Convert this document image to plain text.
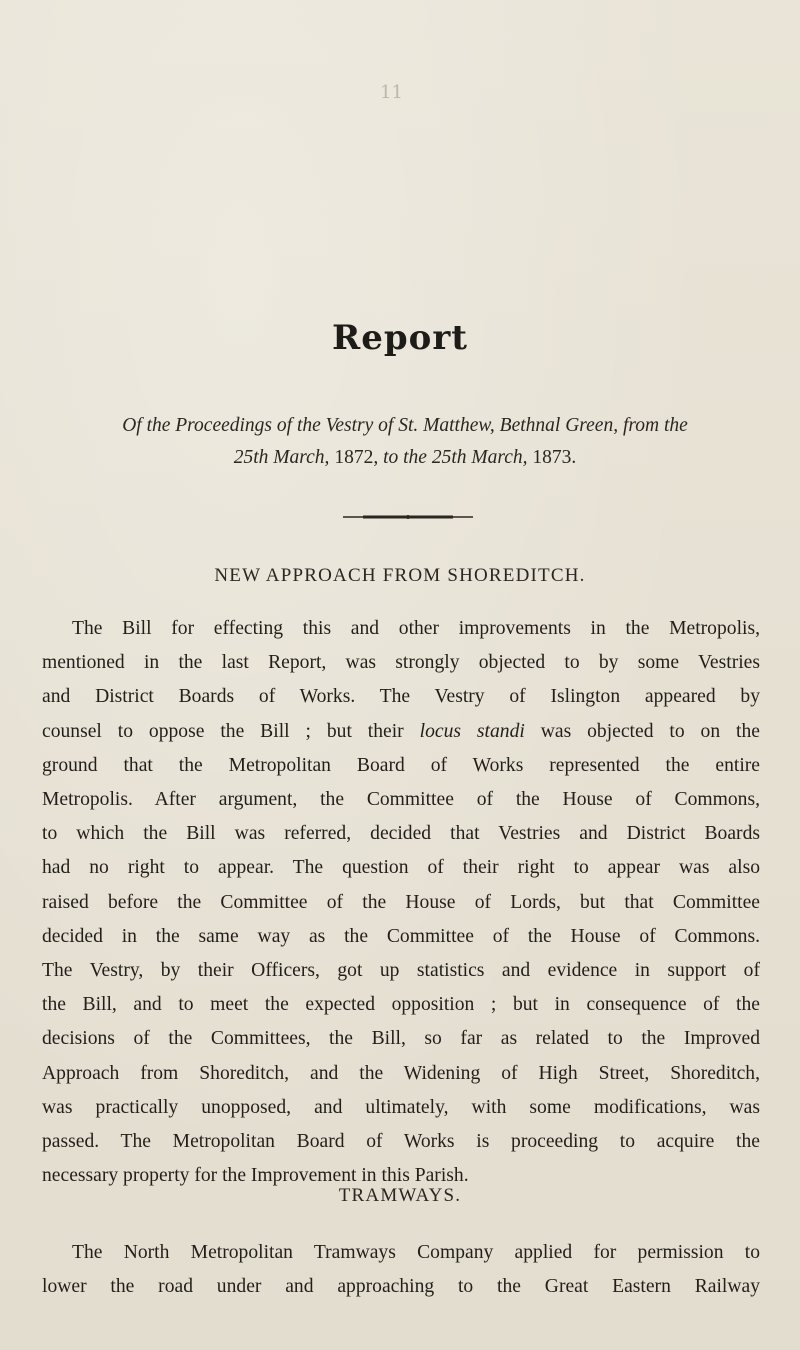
11
Report
Of the Proceedings of the Vestry of St. Matthew, Bethnal Green, from the
25th March, 1872, to the 25th March, 1873.
NEW APPROACH FROM SHOREDITCH.
The Bill for effecting this and other improvements in the Metropolis,
mentioned in the last Report, was strongly objected to by some Vestries
and District Boards of Works. The Vestry of Islington appeared by
counsel to oppose the Bill ; but their locus standi was objected to on the
ground that the Metropolitan Board of Works represented the entire
Metropolis. After argument, the Committee of the House of Commons,
to which the Bill was referred, decided that Vestries and District Boards
had no right to appear. The question of their right to appear was also
raised before the Committee of the House of Lords, but that Committee
decided in the same way as the Committee of the House of Commons.
The Vestry, by their Officers, got up statistics and evidence in support of
the Bill, and to meet the expected opposition ; but in consequence of the
decisions of the Committees, the Bill, so far as related to the Improved
Approach from Shoreditch, and the Widening of High Street, Shoreditch,
was practically unopposed, and ultimately, with some modifications, was
passed. The Metropolitan Board of Works is proceeding to acquire the
necessary property for the Improvement in this Parish.
TRAMWAYS.
The North Metropolitan Tramways Company applied for permission to
lower the road under and approaching to the Great Eastern Railway
